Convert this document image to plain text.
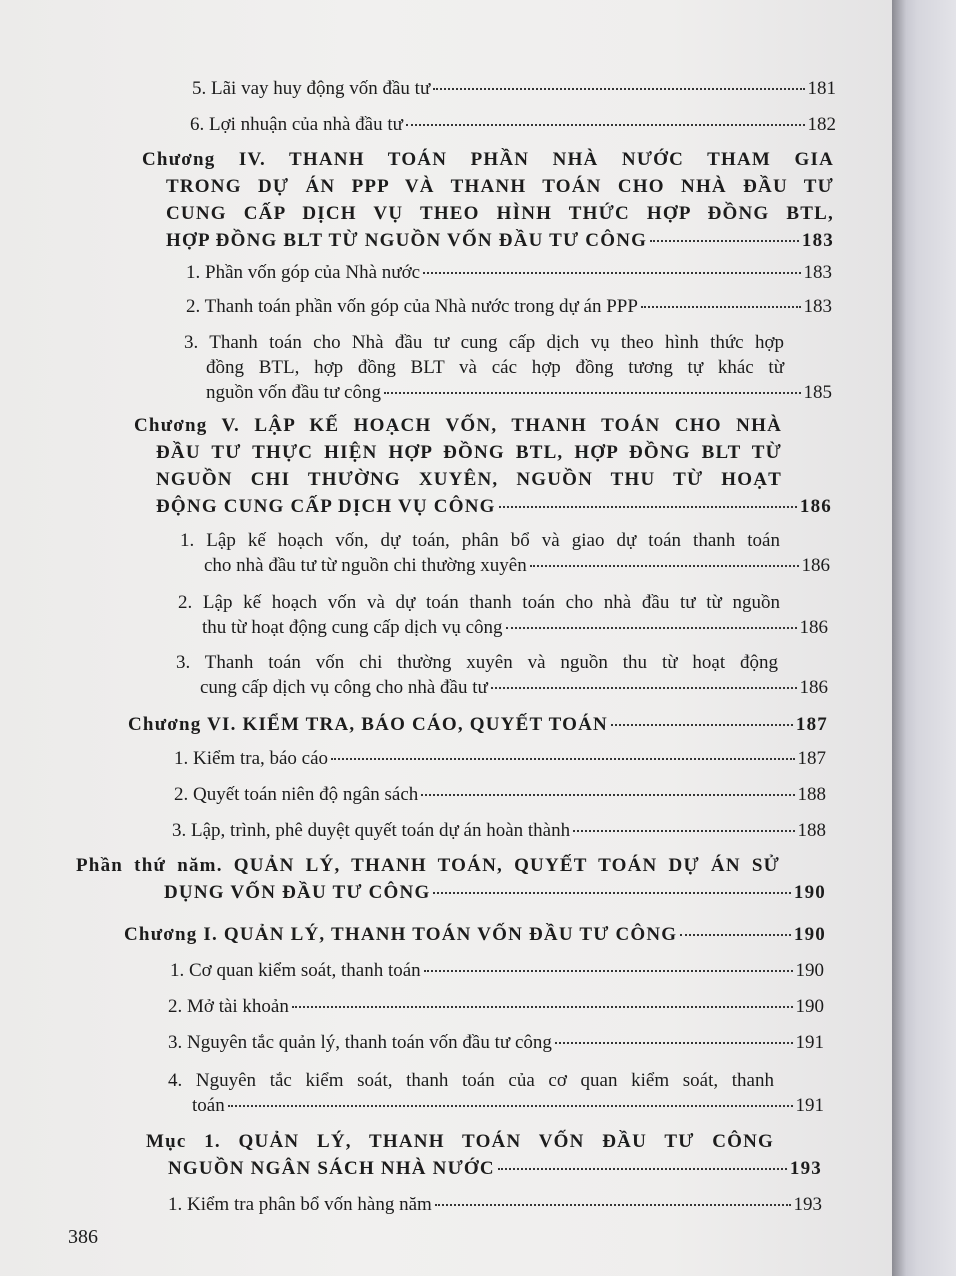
5. Lãi vay huy động vốn đầu tư	181
6. Lợi nhuận của nhà đầu tư	182
Chương IV. THANH TOÁN PHẦN NHÀ NƯỚC THAM GIA
TRONG DỰ ÁN PPP VÀ THANH TOÁN CHO NHÀ ĐẦU TƯ
CUNG CẤP DỊCH VỤ THEO HÌNH THỨC HỢP ĐỒNG BTL,
HỢP ĐỒNG BLT TỪ NGUỒN VỐN ĐẦU TƯ CÔNG	183
1. Phần vốn góp của Nhà nước	183
2. Thanh toán phần vốn góp của Nhà nước trong dự án PPP	183
3. Thanh toán cho Nhà đầu tư cung cấp dịch vụ theo hình thức hợp
đồng BTL, hợp đồng BLT và các hợp đồng tương tự khác từ
nguồn vốn đầu tư công	185
Chương V. LẬP KẾ HOẠCH VỐN, THANH TOÁN CHO NHÀ
ĐẦU TƯ THỰC HIỆN HỢP ĐỒNG BTL, HỢP ĐỒNG BLT TỪ
NGUỒN CHI THƯỜNG XUYÊN, NGUỒN THU TỪ HOẠT
ĐỘNG CUNG CẤP DỊCH VỤ CÔNG	186
1. Lập kế hoạch vốn, dự toán, phân bổ và giao dự toán thanh toán
cho nhà đầu tư từ nguồn chi thường xuyên	186
2. Lập kế hoạch vốn và dự toán thanh toán cho nhà đầu tư từ nguồn
thu từ hoạt động cung cấp dịch vụ công	186
3. Thanh toán vốn chi thường xuyên và nguồn thu từ hoạt động
cung cấp dịch vụ công cho nhà đầu tư	186
Chương VI. KIỂM TRA, BÁO CÁO, QUYẾT TOÁN	187
1. Kiểm tra, báo cáo	187
2. Quyết toán niên độ ngân sách	188
3. Lập, trình, phê duyệt quyết toán dự án hoàn thành	188
Phần thứ năm. QUẢN LÝ, THANH TOÁN, QUYẾT TOÁN DỰ ÁN SỬ
DỤNG VỐN ĐẦU TƯ CÔNG	190
Chương I. QUẢN LÝ, THANH TOÁN VỐN ĐẦU TƯ CÔNG	190
1. Cơ quan kiểm soát, thanh toán	190
2. Mở tài khoản	190
3. Nguyên tắc quản lý, thanh toán vốn đầu tư công	191
4. Nguyên tắc kiểm soát, thanh toán của cơ quan kiểm soát, thanh
toán	191
Mục 1. QUẢN LÝ, THANH TOÁN VỐN ĐẦU TƯ CÔNG
NGUỒN NGÂN SÁCH NHÀ NƯỚC	193
1. Kiểm tra phân bổ vốn hàng năm	193
386
